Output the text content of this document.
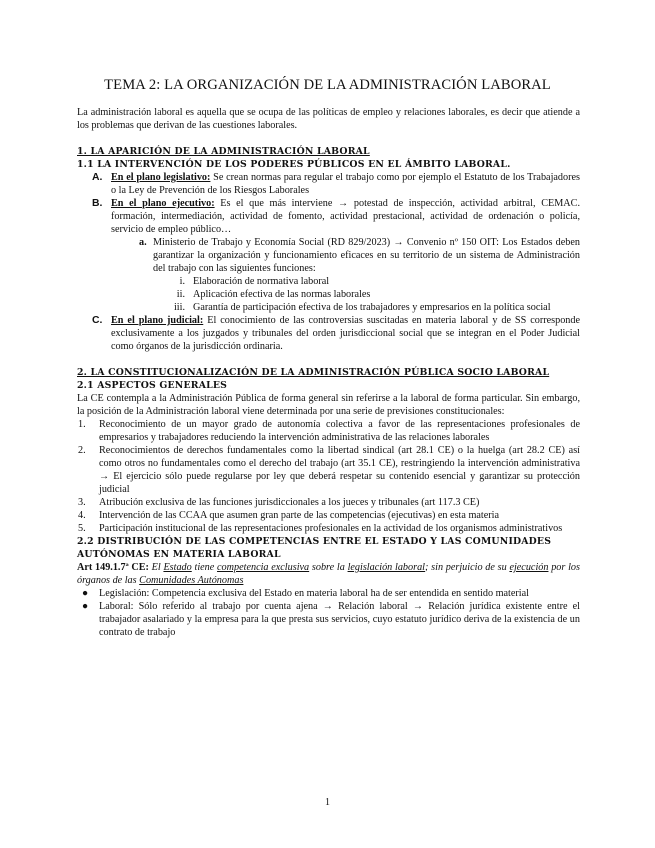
TEMA 2: LA ORGANIZACIÓN DE LA ADMINISTRACIÓN LABORAL

La administración laboral es aquella que se ocupa de las políticas de empleo y relaciones laborales, es decir que atiende a los problemas que derivan de las cuestiones laborales.

1. LA APARICIÓN DE LA ADMINISTRACIÓN LABORAL
1.1 LA INTERVENCIÓN DE LOS PODERES PÚBLICOS EN EL ÁMBITO LABORAL.
A. En el plano legislativo: Se crean normas para regular el trabajo como por ejemplo el Estatuto de los Trabajadores o la Ley de Prevención de los Riesgos Laborales
B. En el plano ejecutivo: Es el que más interviene → potestad de inspección, actividad arbitral, CEMAC. formación, intermediación, actividad de fomento, actividad prestacional, actividad de ordenación o policía, servicio de empleo público…
a. Ministerio de Trabajo y Economía Social (RD 829/2023) → Convenio nº 150 OIT: Los Estados deben garantizar la organización y funcionamiento eficaces en su territorio de un sistema de Administración del trabajo con las siguientes funciones:
i. Elaboración de normativa laboral
ii. Aplicación efectiva de las normas laborales
iii. Garantía de participación efectiva de los trabajadores y empresarios en la política social
C. En el plano judicial: El conocimiento de las controversias suscitadas en materia laboral y de SS corresponde exclusivamente a los juzgados y tribunales del orden jurisdiccional social que se integran en el Poder Judicial como órganos de la jurisdicción ordinaria.
2. LA CONSTITUCIONALIZACIÓN DE LA ADMINISTRACIÓN PÚBLICA SOCIO LABORAL
2.1 ASPECTOS GENERALES

La CE contempla a la Administración Pública de forma general sin referirse a la laboral de forma particular. Sin embargo, la posición de la Administración laboral viene determinada por una serie de previsiones constitucionales:

1. Reconocimiento de un mayor grado de autonomía colectiva a favor de las representaciones profesionales de empresarios y trabajadores reduciendo la intervención administrativa de las relaciones laborales
2. Reconocimientos de derechos fundamentales como la libertad sindical (art 28.1 CE) o la huelga (art 28.2 CE) así como otros no fundamentales como el derecho del trabajo (art 35.1 CE), restringiendo la intervención administrativa → El ejercicio sólo puede regularse por ley que deberá respetar su contenido esencial y garantizar su protección judicial
3. Atribución exclusiva de las funciones jurisdiccionales a los jueces y tribunales (art 117.3 CE)
4. Intervención de las CCAA que asumen gran parte de las competencias (ejecutivas) en esta materia
5. Participación institucional de las representaciones profesionales en la actividad de los organismos administrativos
2.2 DISTRIBUCIÓN DE LAS COMPETENCIAS ENTRE EL ESTADO Y LAS COMUNIDADES AUTÓNOMAS EN MATERIA LABORAL

Art 149.1.7ª CE: El Estado tiene competencia exclusiva sobre la legislación laboral; sin perjuicio de su ejecución por los órganos de las Comunidades Autónomas

● Legislación: Competencia exclusiva del Estado en materia laboral ha de ser entendida en sentido material
● Laboral: Sólo referido al trabajo por cuenta ajena → Relación laboral → Relación jurídica existente entre el trabajador asalariado y la empresa para la que presta sus servicios, cuyo estatuto jurídico deriva de la existencia de un contrato de trabajo
1
